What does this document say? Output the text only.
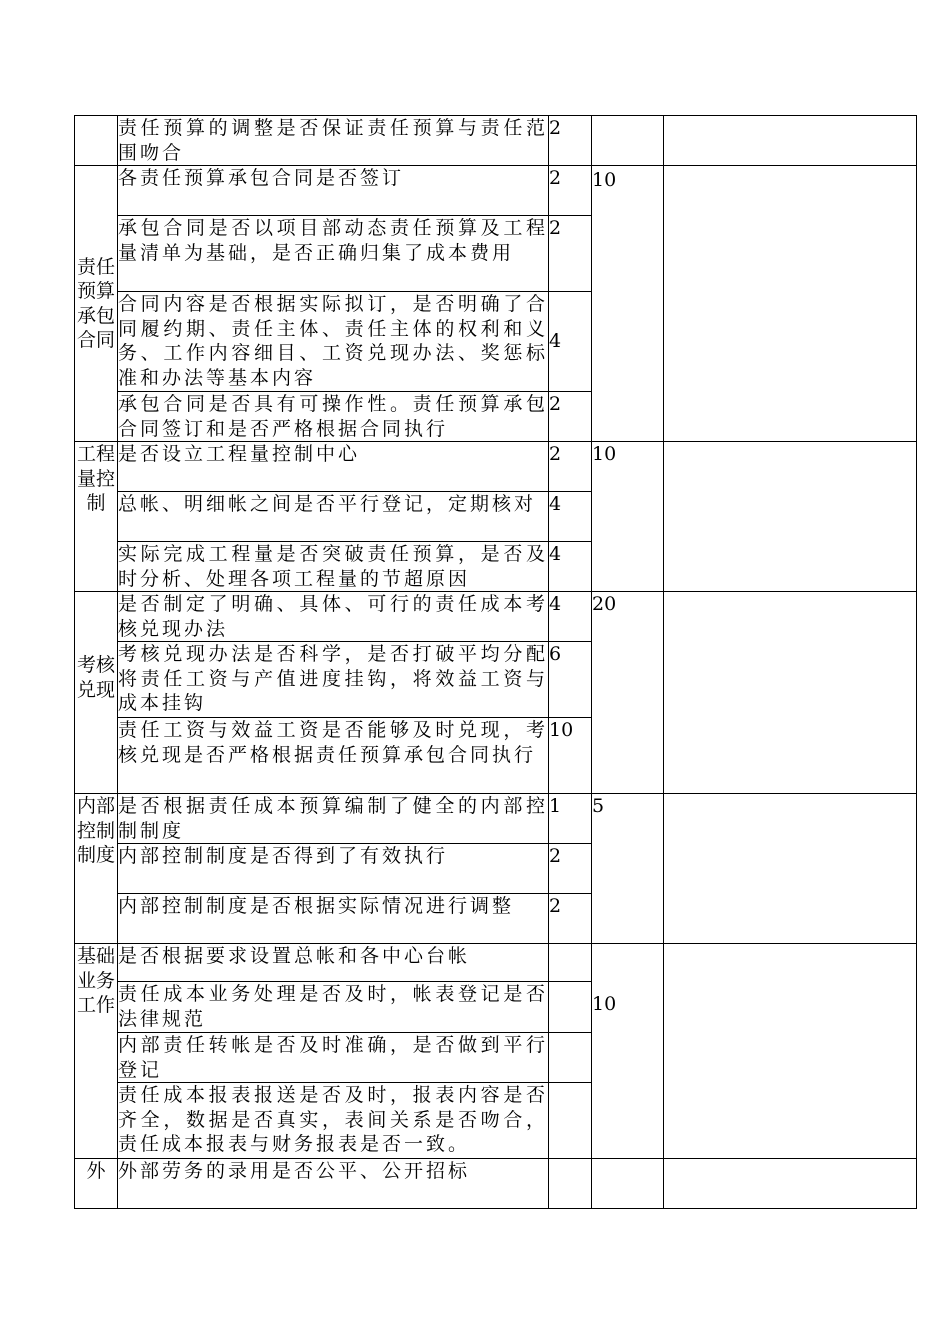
	责任预算的调整是否保证责任预算与责任范围吻合	2		

责任预算承包合同	各责任预算承包合同是否签订	2	10	
	承包合同是否以项目部动态责任预算及工程量清单为基础，是否正确归集了成本费用	2		
	合同内容是否根据实际拟订，是否明确了合同履约期、责任主体、责任主体的权利和义务、工作内容细目、工资兑现办法、奖惩标准和办法等基本内容	4		
	承包合同是否具有可操作性。责任预算承包合同签订和是否严格根据合同执行	2		

工程量控制	是否设立工程量控制中心	2	10	
	总帐、明细帐之间是否平行登记，定期核对	4		
	实际完成工程量是否突破责任预算，是否及时分析、处理各项工程量的节超原因	4		

考核兑现	是否制定了明确、具体、可行的责任成本考核兑现办法	4	20	
	考核兑现办法是否科学，是否打破平均分配将责任工资与产值进度挂钩，将效益工资与成本挂钩	6		
	责任工资与效益工资是否能够及时兑现，考核兑现是否严格根据责任预算承包合同执行	10		

内部控制制度	是否根据责任成本预算编制了健全的内部控制制度	1	5	
	内部控制制度是否得到了有效执行	2		
	内部控制制度是否根据实际情况进行调整	2		

基础业务工作	是否根据要求设置总帐和各中心台帐		10	
	责任成本业务处理是否及时，帐表登记是否法律规范			
	内部责任转帐是否及时准确，是否做到平行登记			
	责任成本报表报送是否及时，报表内容是否齐全，数据是否真实，表间关系是否吻合，责任成本报表与财务报表是否一致。			

外	外部劳务的录用是否公平、公开招标			
